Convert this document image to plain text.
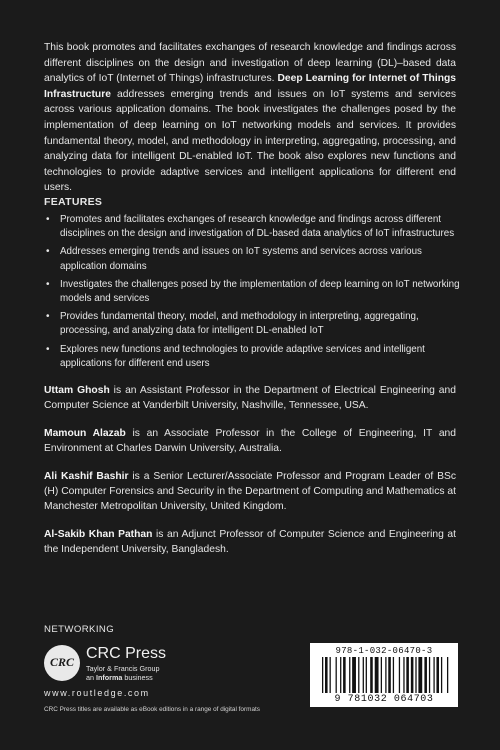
This book promotes and facilitates exchanges of research knowledge and findings across different disciplines on the design and investigation of deep learning (DL)–based data analytics of IoT (Internet of Things) infrastructures. Deep Learning for Internet of Things Infrastructure addresses emerging trends and issues on IoT systems and services across various application domains. The book investigates the challenges posed by the implementation of deep learning on IoT networking models and services. It provides fundamental theory, model, and methodology in interpreting, aggregating, processing, and analyzing data for intelligent DL-enabled IoT. The book also explores new functions and technologies to provide adaptive services and intelligent applications for different end users.

FEATURES
• Promotes and facilitates exchanges of research knowledge and findings across different disciplines on the design and investigation of DL-based data analytics of IoT infrastructures
• Addresses emerging trends and issues on IoT systems and services across various application domains
• Investigates the challenges posed by the implementation of deep learning on IoT networking models and services
• Provides fundamental theory, model, and methodology in interpreting, aggregating, processing, and analyzing data for intelligent DL-enabled IoT
• Explores new functions and technologies to provide adaptive services and intelligent applications for different end users

Uttam Ghosh is an Assistant Professor in the Department of Electrical Engineering and Computer Science at Vanderbilt University, Nashville, Tennessee, USA.

Mamoun Alazab is an Associate Professor in the College of Engineering, IT and Environment at Charles Darwin University, Australia.

Ali Kashif Bashir is a Senior Lecturer/Associate Professor and Program Leader of BSc (H) Computer Forensics and Security in the Department of Computing and Mathematics at Manchester Metropolitan University, United Kingdom.

Al-Sakib Khan Pathan is an Adjunct Professor of Computer Science and Engineering at the Independent University, Bangladesh.

NETWORKING
CRC CRC Press
Taylor & Francis Group
an Informa business
www.routledge.com
CRC Press titles are available as eBook editions in a range of digital formats
978-1-032-06470-3
9 781032 064703
